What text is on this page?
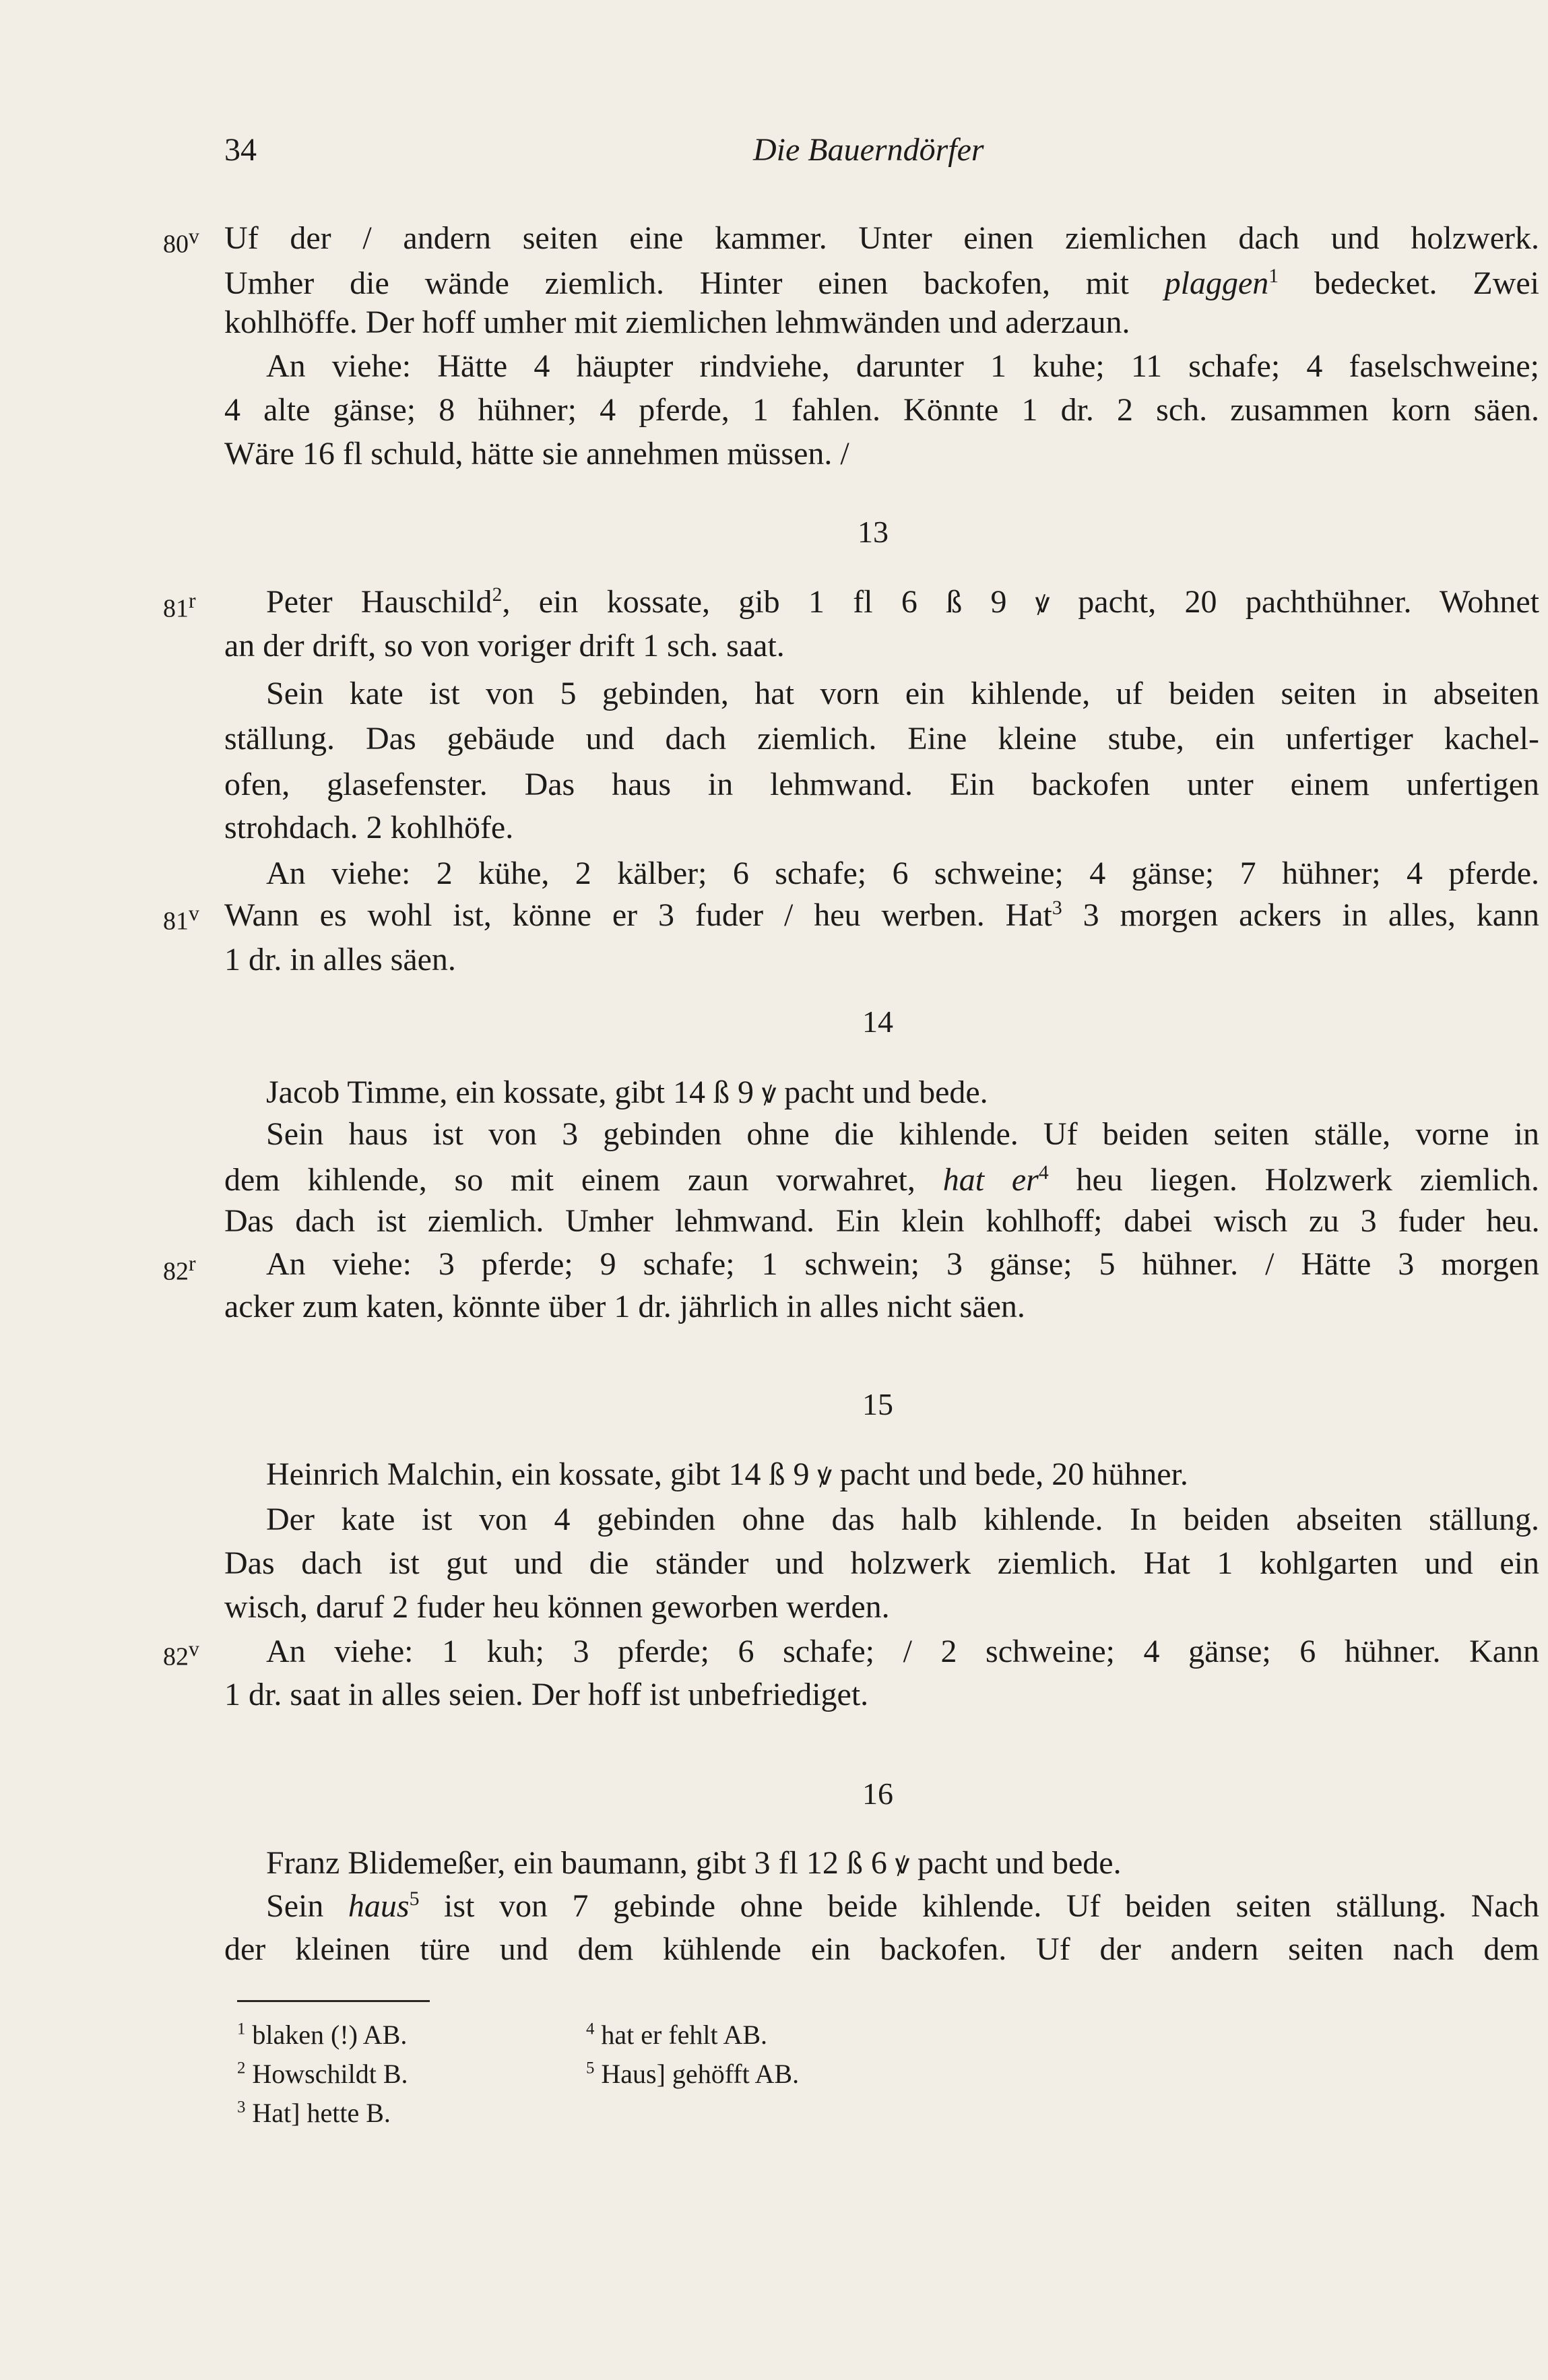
34	Die Bauerndörfer
80$^v$ Uf der / andern seiten eine kammer. Unter einen ziemlichen dach und holzwerk.
Umher die wände ziemlich. Hinter einen backofen, mit plaggen$^1$ bedecket. Zwei
kohlhöffe. Der hoff umher mit ziemlichen lehmwänden und aderzaun.
An viehe: Hätte 4 häupter rindviehe, darunter 1 kuhe; 11 schafe; 4 faselschweine;
4 alte gänse; 8 hühner; 4 pferde, 1 fahlen. Könnte 1 dr. 2 sch. zusammen korn säen.
Wäre 16 fl schuld, hätte sie annehmen müssen. /
13
81$^r$ Peter Hauschild$^2$, ein kossate, gib 1 fl 6 ß 9 ꝟ pacht, 20 pachthühner. Wohnet
an der drift, so von voriger drift 1 sch. saat.
Sein kate ist von 5 gebinden, hat vorn ein kihlende, uf beiden seiten in abseiten
ställung. Das gebäude und dach ziemlich. Eine kleine stube, ein unfertiger kachel-
ofen, glasefenster. Das haus in lehmwand. Ein backofen unter einem unfertigen
strohdach. 2 kohlhöfe.
An viehe: 2 kühe, 2 kälber; 6 schafe; 6 schweine; 4 gänse; 7 hühner; 4 pferde.
81$^v$ Wann es wohl ist, könne er 3 fuder / heu werben. Hat$^3$ 3 morgen ackers in alles, kann
1 dr. in alles säen.
14
Jacob Timme, ein kossate, gibt 14 ß 9 ꝟ pacht und bede.
Sein haus ist von 3 gebinden ohne die kihlende. Uf beiden seiten ställe, vorne in
dem kihlende, so mit einem zaun vorwahret, hat $er^4$ heu liegen. Holzwerk ziemlich.
Das dach ist ziemlich. Umher lehmwand. Ein klein kohlhoff; dabei wisch zu 3 fuder heu.
82$^r$ An viehe: 3 pferde; 9 schafe; 1 schwein; 3 gänse; 5 hühner. / Hätte 3 morgen
acker zum katen, könnte über 1 dr. jährlich in alles nicht säen.
15
Heinrich Malchin, ein kossate, gibt 14 ß 9 ꝟ pacht und bede, 20 hühner.
Der kate ist von 4 gebinden ohne das halb kihlende. In beiden abseiten ställung.
Das dach ist gut und die ständer und holzwerk ziemlich. Hat 1 kohlgarten und ein
wisch, daruf 2 fuder heu können geworben werden.
82$^v$ An viehe: 1 kuh; 3 pferde; 6 schafe; / 2 schweine; 4 gänse; 6 hühner. Kann
1 dr. saat in alles seien. Der hoff ist unbefriediget.
16
Franz Blidemeßer, ein baumann, gibt 3 fl 12 ß 6 ꝟ pacht und bede.
Sein haus$^5$ ist von 7 gebinde ohne beide kihlende. Uf beiden seiten ställung. Nach
der kleinen türe und dem kühlende ein backofen. Uf der andern seiten nach dem
$^1$ blaken (!) AB.
$^2$ Howschildt B.
$^3$ Hat] hette B.
$^4$ hat er fehlt AB.
$^5$ Haus] gehöfft AB.
